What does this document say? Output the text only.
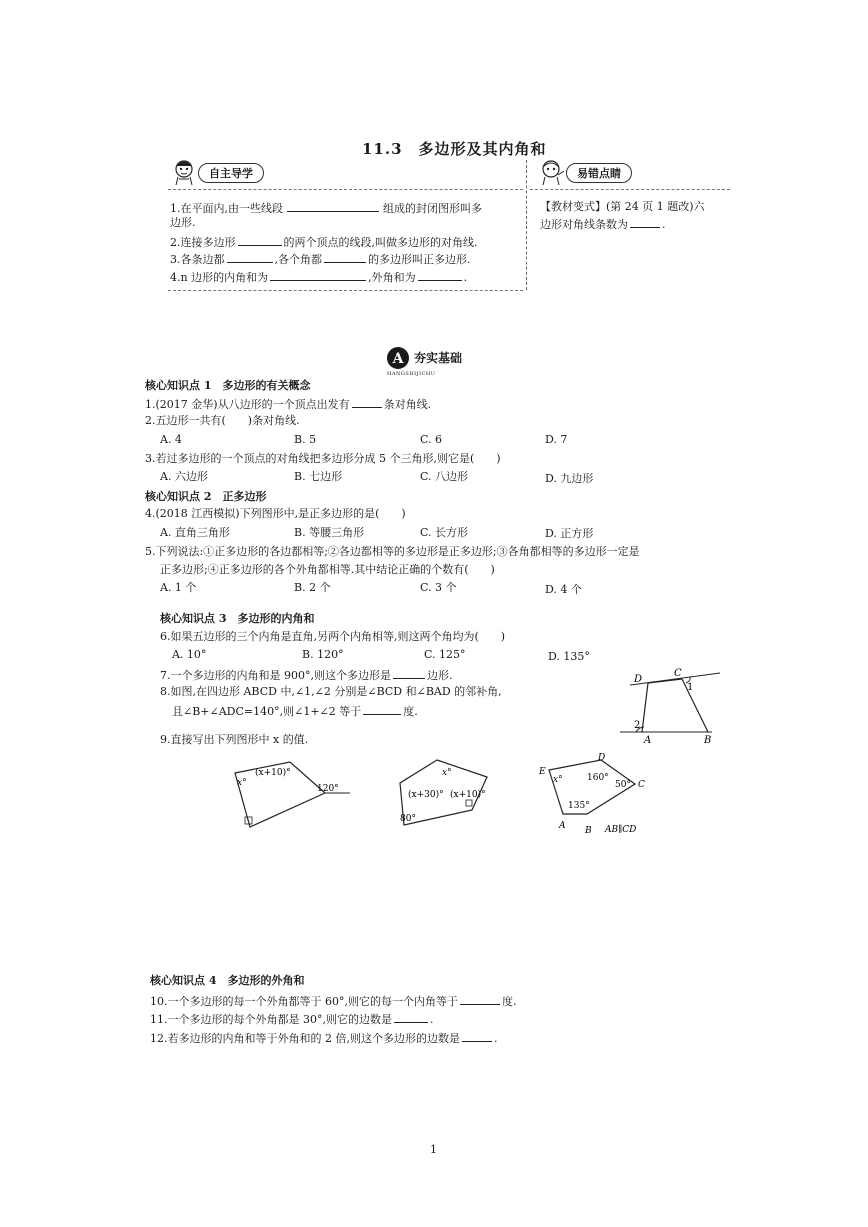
11.3　多边形及其内角和
自主导学
1.在平面内,由一些线段	组成的封闭图形叫多
边形.
2.连接多边形	的两个顶点的线段,叫做多边形的对角线.
3.各条边都	,各个角都	的多边形叫正多边形.
4.n 边形的内角和为	,外角和为	.
易错点睛
【教材变式】(第 24 页 1 题改)六
边形对角线条数为	.
A 夯实基础
HANGSHIJICHU
核心知识点 1　多边形的有关概念
1.(2017 金华)从八边形的一个顶点出发有	条对角线.
2.五边形一共有(　　)条对角线.
A. 4	B. 5	C. 6	D. 7
3.若过多边形的一个顶点的对角线把多边形分成 5 个三角形,则它是(　　)
A. 六边形	B. 七边形	C. 八边形	D. 九边形
核心知识点 2　正多边形
4.(2018 江西模拟)下列图形中,是正多边形的是(　　)
A. 直角三角形	B. 等腰三角形	C. 长方形	D. 正方形
5.下列说法:①正多边形的各边都相等;②各边都相等的多边形是正多边形;③各角都相等的多边形一定是
正多边形;④正多边形的各个外角都相等.其中结论正确的个数有(　　)
A. 1 个	B. 2 个	C. 3 个	D. 4 个
核心知识点 3　多边形的内角和
6.如果五边形的三个内角是直角,另两个内角相等,则这两个角均为(　　)
A. 10°	B. 120°	C. 125°	D. 135°
7.一个多边形的内角和是 900°,则这个多边形是	边形.
8.如图,在四边形 ABCD 中,∠1,∠2 分别是∠BCD 和∠BAD 的邻补角,
且∠B+∠ADC=140°,则∠1+∠2 等于	度.
D
C
A	B
1
2
9.直接写出下列图形中 x 的值.
x°
(x+10)°
120°
x°
(x+30)° (x+10)°
80°
E
D
C
A B
x°	160°
50°
135°
AB∥CD
核心知识点 4　多边形的外角和
10.一个多边形的每一个外角都等于 60°,则它的每一个内角等于	度.
11.一个多边形的每个外角都是 30°,则它的边数是	.
12.若多边形的内角和等于外角和的 2 倍,则这个多边形的边数是	.
1
